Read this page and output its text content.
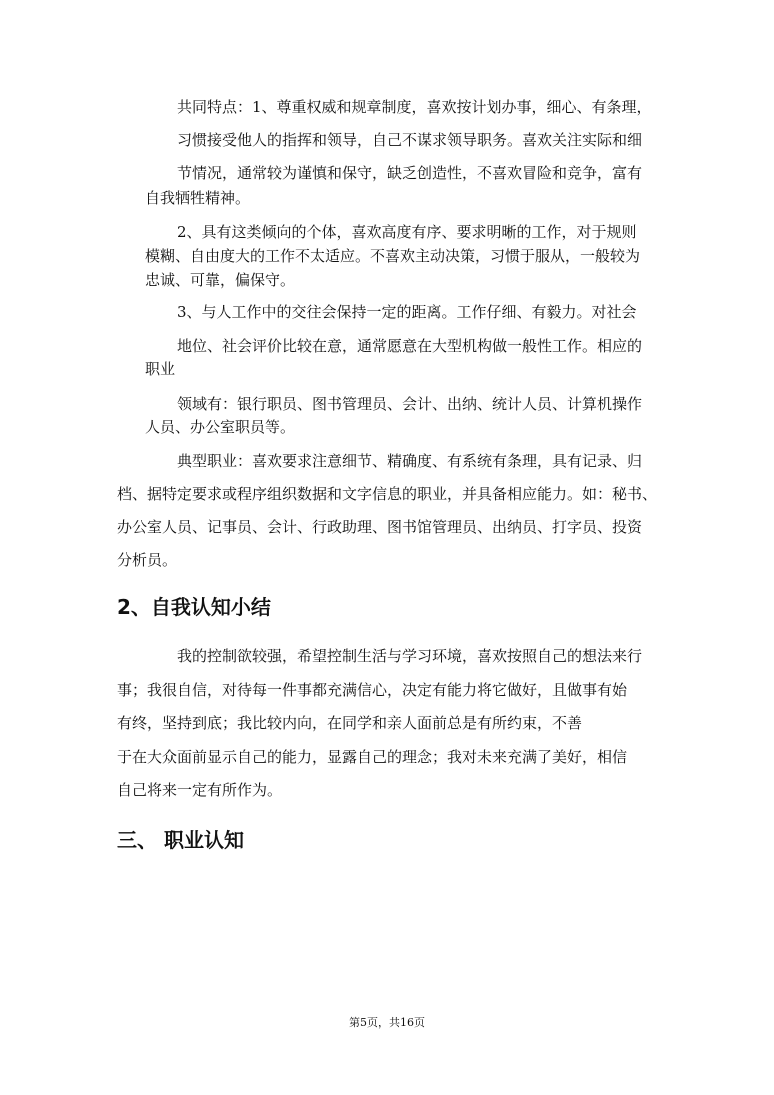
共同特点：1、尊重权威和规章制度，喜欢按计划办事，细心、有条理，
习惯接受他人的指挥和领导，自己不谋求领导职务。喜欢关注实际和细
节情况，通常较为谨慎和保守，缺乏创造性，不喜欢冒险和竞争，富有
自我牺牲精神。
2、具有这类倾向的个体，喜欢高度有序、要求明晰的工作，对于规则
模糊、自由度大的工作不太适应。不喜欢主动决策，习惯于服从，一般较为
忠诚、可靠，偏保守。
3、与人工作中的交往会保持一定的距离。工作仔细、有毅力。对社会
地位、社会评价比较在意，通常愿意在大型机构做一般性工作。相应的
职业
领域有：银行职员、图书管理员、会计、出纳、统计人员、计算机操作
人员、办公室职员等。
典型职业：喜欢要求注意细节、精确度、有系统有条理，具有记录、归
档、据特定要求或程序组织数据和文字信息的职业，并具备相应能力。如：秘书、
办公室人员、记事员、会计、行政助理、图书馆管理员、出纳员、打字员、投资
分析员。
2、自我认知小结
我的控制欲较强，希望控制生活与学习环境，喜欢按照自己的想法来行
事；我很自信，对待每一件事都充满信心，决定有能力将它做好，且做事有始
有终，坚持到底；我比较内向，在同学和亲人面前总是有所约束，不善
于在大众面前显示自己的能力，显露自己的理念；我对未来充满了美好，相信
自己将来一定有所作为。
三、 职业认知
第5页，共16页
